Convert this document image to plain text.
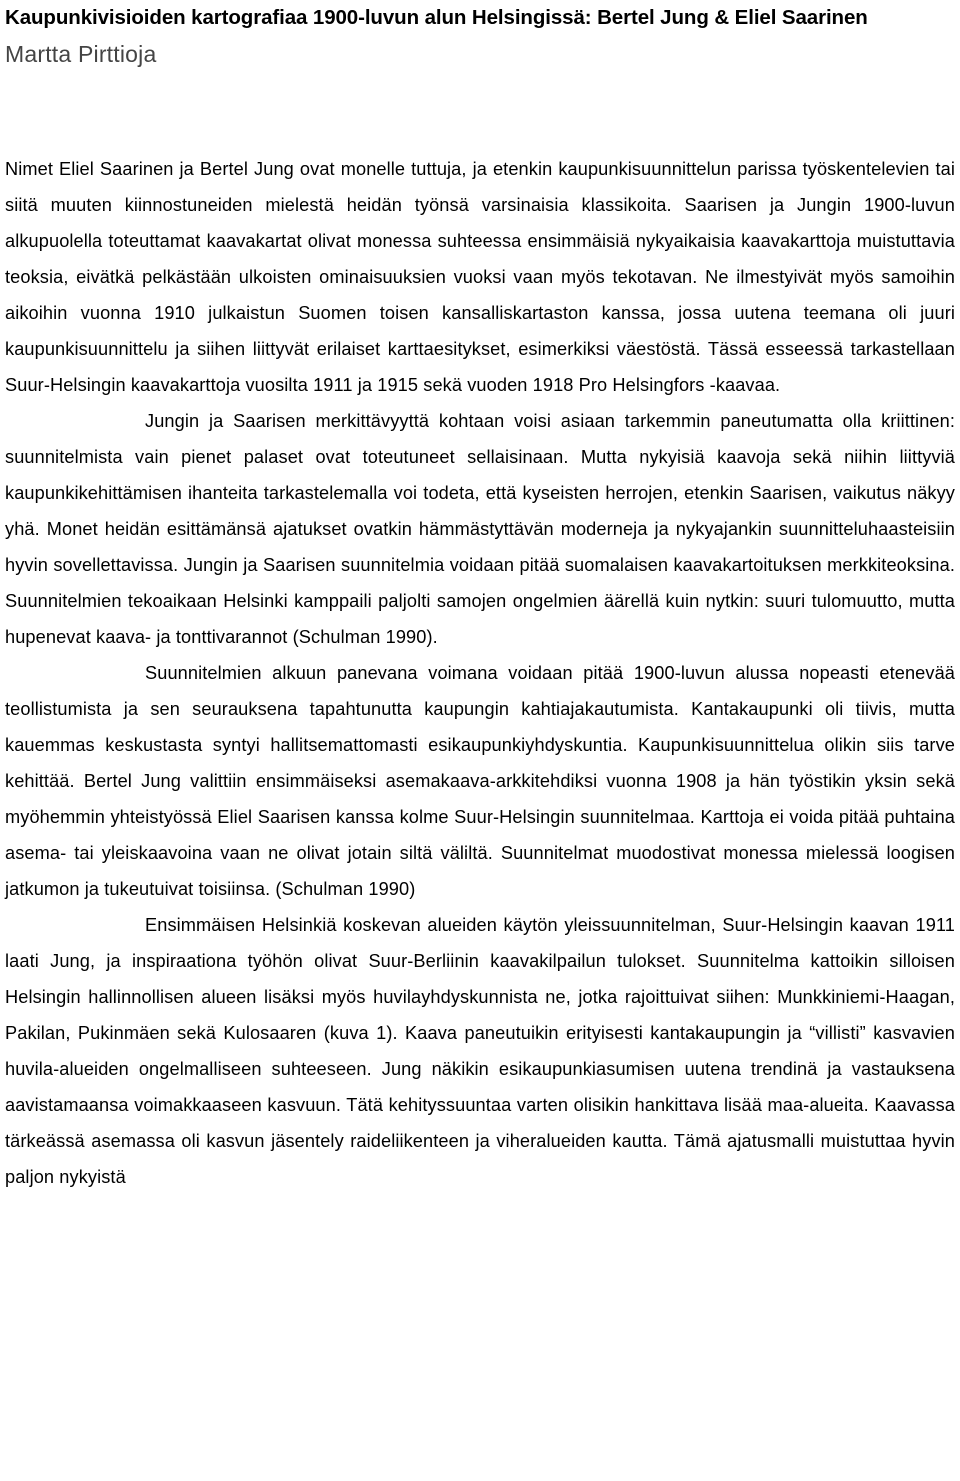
Kaupunkivisioiden kartografiaa 1900-luvun alun Helsingissä: Bertel Jung & Eliel Saarinen
Martta Pirttioja

Nimet Eliel Saarinen ja Bertel Jung ovat monelle tuttuja, ja etenkin kaupunkisuunnittelun parissa työskentelevien tai siitä muuten kiinnostuneiden mielestä heidän työnsä varsinaisia klassikoita. Saarisen ja Jungin 1900-luvun alkupuolella toteuttamat kaavakartat olivat monessa suhteessa ensimmäisiä nykyaikaisia kaavakarttoja muistuttavia teoksia, eivätkä pelkästään ulkoisten ominaisuuksien vuoksi vaan myös tekotavan. Ne ilmestyivät myös samoihin aikoihin vuonna 1910 julkaistun Suomen toisen kansalliskartaston kanssa, jossa uutena teemana oli juuri kaupunkisuunnittelu ja siihen liittyvät erilaiset karttaesitykset, esimerkiksi väestöstä. Tässä esseessä tarkastellaan Suur-Helsingin kaavakarttoja vuosilta 1911 ja 1915 sekä vuoden 1918 Pro Helsingfors -kaavaa.

Jungin ja Saarisen merkittävyyttä kohtaan voisi asiaan tarkemmin paneutumatta olla kriittinen: suunnitelmista vain pienet palaset ovat toteutuneet sellaisinaan. Mutta nykyisiä kaavoja sekä niihin liittyviä kaupunkikehittämisen ihanteita tarkastelemalla voi todeta, että kyseisten herrojen, etenkin Saarisen, vaikutus näkyy yhä. Monet heidän esittämänsä ajatukset ovatkin hämmästyttävän moderneja ja nykyajankin suunnitteluhaasteisiin hyvin sovellettavissa. Jungin ja Saarisen suunnitelmia voidaan pitää suomalaisen kaavakartoituksen merkkiteoksina. Suunnitelmien tekoaikaan Helsinki kamppaili paljolti samojen ongelmien äärellä kuin nytkin: suuri tulomuutto, mutta hupenevat kaava- ja tonttivarannot (Schulman 1990).

Suunnitelmien alkuun panevana voimana voidaan pitää 1900-luvun alussa nopeasti etenevää teollistumista ja sen seurauksena tapahtunutta kaupungin kahtiajakautumista. Kantakaupunki oli tiivis, mutta kauemmas keskustasta syntyi hallitsemattomasti esikaupunkiyhdyskuntia. Kaupunkisuunnittelua olikin siis tarve kehittää. Bertel Jung valittiin ensimmäiseksi asemakaava-arkkitehdiksi vuonna 1908 ja hän työstikin yksin sekä myöhemmin yhteistyössä Eliel Saarisen kanssa kolme Suur-Helsingin suunnitelmaa. Karttoja ei voida pitää puhtaina asema- tai yleiskaavoina vaan ne olivat jotain siltä väliltä. Suunnitelmat muodostivat monessa mielessä loogisen jatkumon ja tukeutuivat toisiinsa. (Schulman 1990)

Ensimmäisen Helsinkiä koskevan alueiden käytön yleissuunnitelman, Suur-Helsingin kaavan 1911 laati Jung, ja inspiraationa työhön olivat Suur-Berliinin kaavakilpailun tulokset. Suunnitelma kattoikin silloisen Helsingin hallinnollisen alueen lisäksi myös huvilayhdyskunnista ne, jotka rajoittuivat siihen: Munkkiniemi-Haagan, Pakilan, Pukinmäen sekä Kulosaaren (kuva 1). Kaava paneutuikin erityisesti kantakaupungin ja “villisti” kasvavien huvila-alueiden ongelmalliseen suhteeseen. Jung näkikin esikaupunkiasumisen uutena trendinä ja vastauksena aavistamaansa voimakkaaseen kasvuun. Tätä kehityssuuntaa varten olisikin hankittava lisää maa-alueita. Kaavassa tärkeässä asemassa oli kasvun jäsentely raideliikenteen ja viheralueiden kautta. Tämä ajatusmalli muistuttaa hyvin paljon nykyistä
